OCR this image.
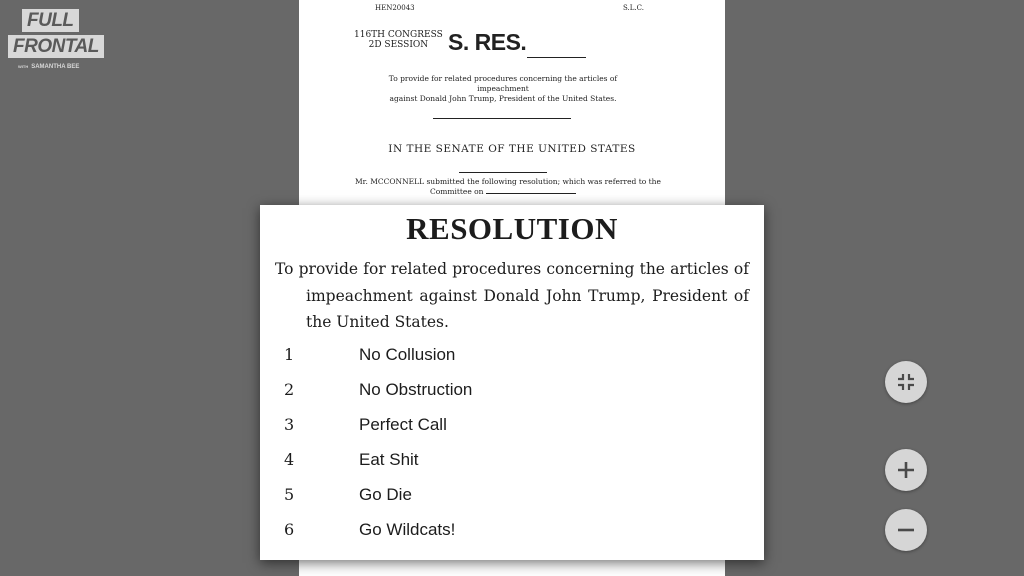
FULL
FRONTAL
WITH SAMANTHA BEE
HEN20043	S.L.C.
116TH CONGRESS
2D SESSION S. RES.
To provide for related procedures concerning the articles of impeachment
against Donald John Trump, President of the United States.
IN THE SENATE OF THE UNITED STATES
Mr. MCCONNELL submitted the following resolution; which was referred to the
Committee on
RESOLUTION
To provide for related procedures concerning the articles of impeachment against Donald John Trump, President of the United States.
1	No Collusion
2	No Obstruction
3	Perfect Call
4	Eat Shit
5	Go Die
6	Go Wildcats!
